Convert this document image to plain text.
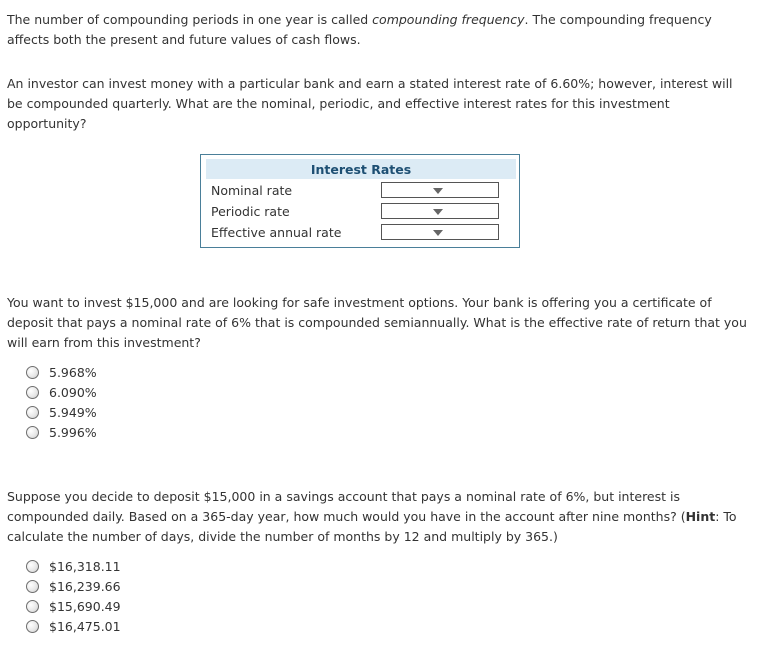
The number of compounding periods in one year is called compounding frequency. The compounding frequency affects both the present and future values of cash flows.

An investor can invest money with a particular bank and earn a stated interest rate of 6.60%; however, interest will be compounded quarterly. What are the nominal, periodic, and effective interest rates for this investment opportunity?

Interest Rates
Nominal rate
Periodic rate
Effective annual rate

You want to invest $15,000 and are looking for safe investment options. Your bank is offering you a certificate of deposit that pays a nominal rate of 6% that is compounded semiannually. What is the effective rate of return that you will earn from this investment?

5.968%
6.090%
5.949%
5.996%

Suppose you decide to deposit $15,000 in a savings account that pays a nominal rate of 6%, but interest is compounded daily. Based on a 365-day year, how much would you have in the account after nine months? (Hint: To calculate the number of days, divide the number of months by 12 and multiply by 365.)

$16,318.11
$16,239.66
$15,690.49
$16,475.01
